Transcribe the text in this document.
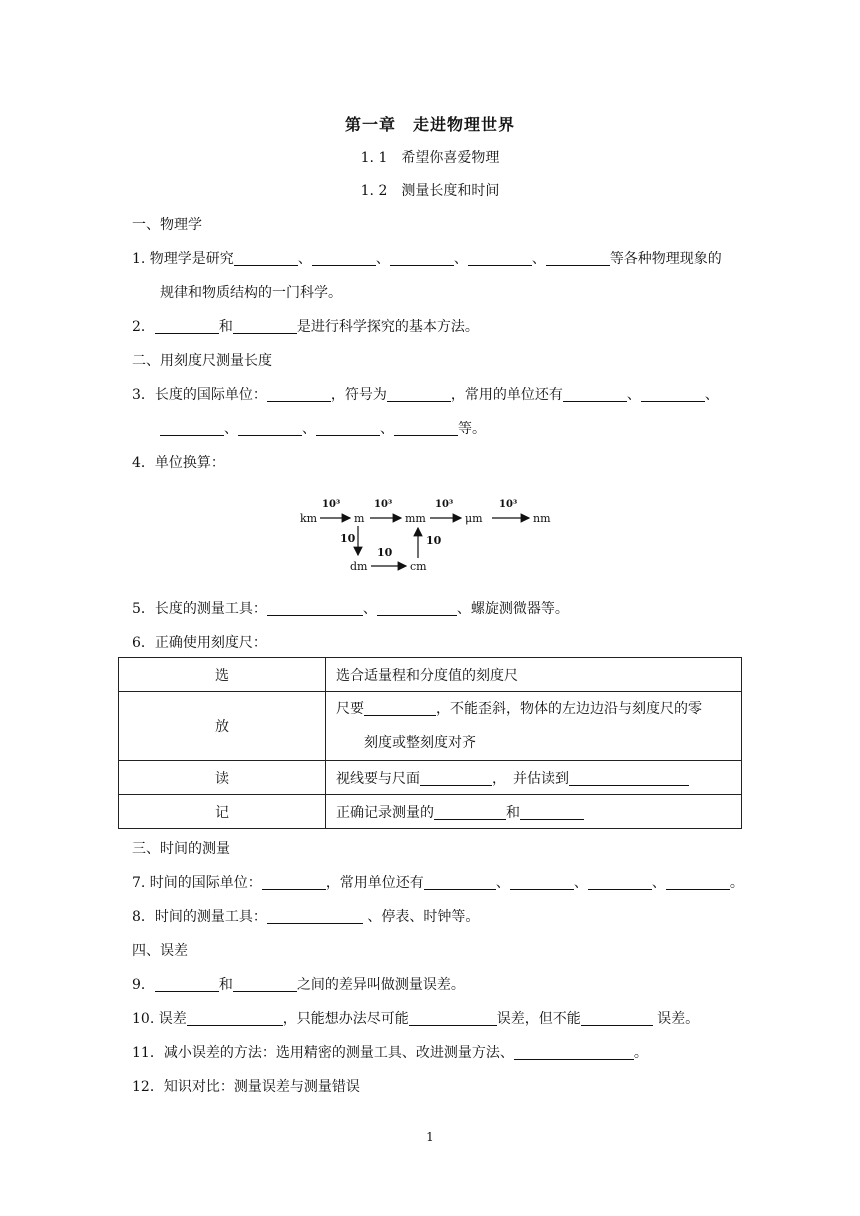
第一章　走进物理世界
1. 1　希望你喜爱物理
1. 2　测量长度和时间
一、物理学
1. 物理学是研究	、	、	、	、	等各种物理现象的
规律和物质结构的一门科学。
2．	和	是进行科学探究的基本方法。
二、用刻度尺测量长度
3．长度的国际单位：	，符号为	，常用的单位还有	、	、
、	、	、	等。
4．单位换算：
km	m	mm	μm	nm
dm	cm
10³	10³	10³	10³
10
10
10
5．长度的测量工具：	、	、螺旋测微器等。
6．正确使用刻度尺：
选	选合适量程和分度值的刻度尺
放	尺要 ，不能歪斜，物体的左边边沿与刻度尺的零
刻度或整刻度对齐

读	视线要与尺面 ，　并估读到
记	正确记录测量的 和
三、时间的测量
7. 时间的国际单位：	，常用单位还有	、	、	、	。
8．时间的测量工具：	、停表、时钟等。
四、误差
9．	和	之间的差异叫做测量误差。
10. 误差	，只能想办法尽可能	误差，但不能	误差。
11．减小误差的方法：选用精密的测量工具、改进测量方法、	。
12．知识对比：测量误差与测量错误
1
